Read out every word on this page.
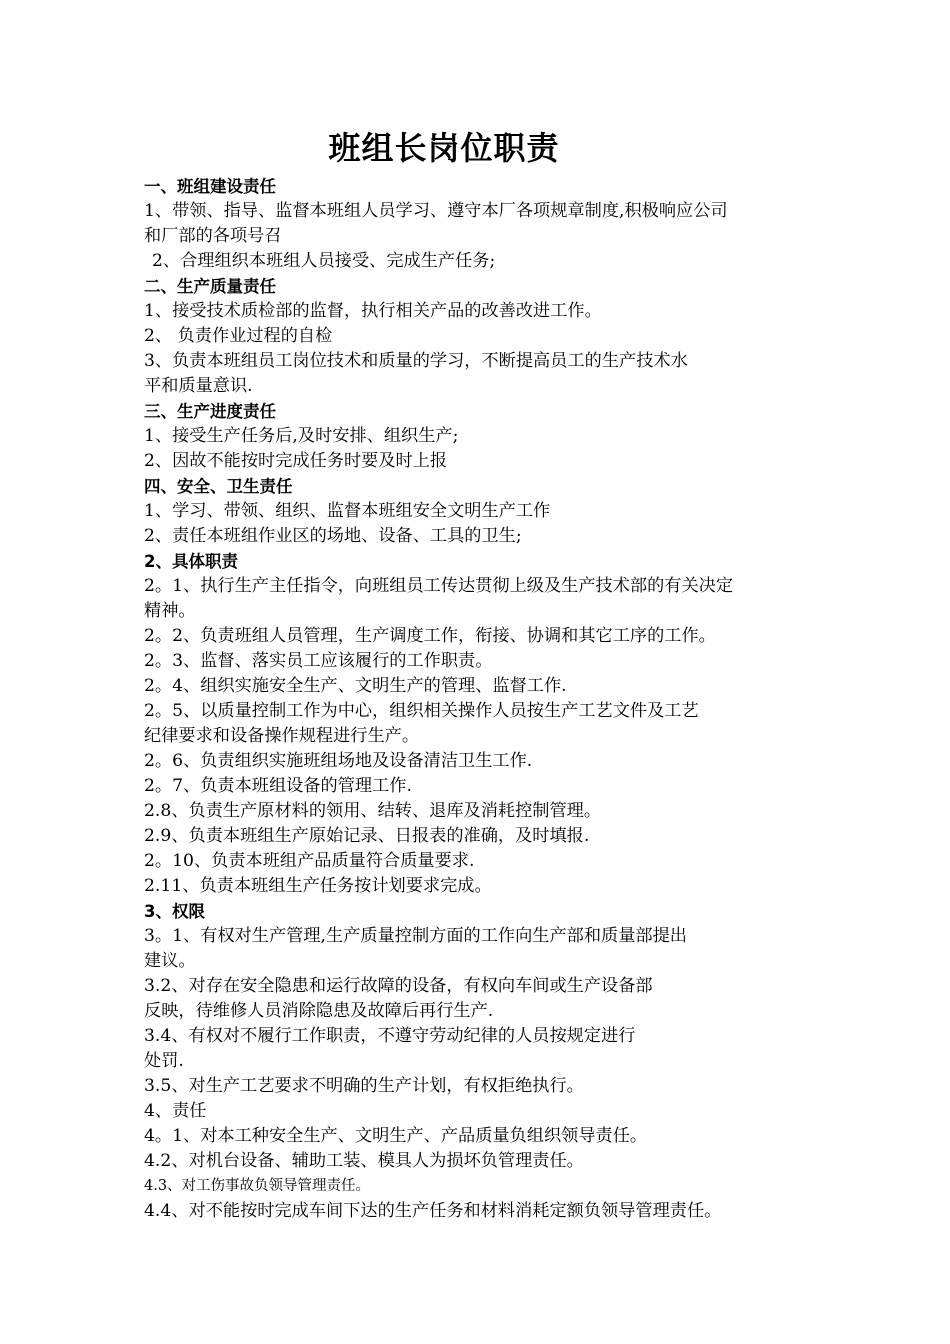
班组长岗位职责
一、班组建设责任
1、带领、指导、监督本班组人员学习、遵守本厂各项规章制度,积极响应公司
和厂部的各项号召
2、合理组织本班组人员接受、完成生产任务;
二、生产质量责任
1、接受技术质检部的监督，执行相关产品的改善改进工作。
2、 负责作业过程的自检
3、负责本班组员工岗位技术和质量的学习，不断提高员工的生产技术水
平和质量意识.
三、生产进度责任
1、接受生产任务后,及时安排、组织生产;
2、因故不能按时完成任务时要及时上报
四、安全、卫生责任
1、学习、带领、组织、监督本班组安全文明生产工作
2、责任本班组作业区的场地、设备、工具的卫生;
2、具体职责
2。1、执行生产主任指令，向班组员工传达贯彻上级及生产技术部的有关决定
精神。
2。2、负责班组人员管理，生产调度工作，衔接、协调和其它工序的工作。
2。3、监督、落实员工应该履行的工作职责。
2。4、组织实施安全生产、文明生产的管理、监督工作.
2。5、以质量控制工作为中心，组织相关操作人员按生产工艺文件及工艺
纪律要求和设备操作规程进行生产。
2。6、负责组织实施班组场地及设备清洁卫生工作.
2。7、负责本班组设备的管理工作.
2.8、负责生产原材料的领用、结转、退库及消耗控制管理。
2.9、负责本班组生产原始记录、日报表的准确，及时填报.
2。10、负责本班组产品质量符合质量要求.
2.11、负责本班组生产任务按计划要求完成。
3、权限
3。1、有权对生产管理,生产质量控制方面的工作向生产部和质量部提出
建议。
3.2、对存在安全隐患和运行故障的设备，有权向车间或生产设备部
反映，待维修人员消除隐患及故障后再行生产.
3.4、有权对不履行工作职责，不遵守劳动纪律的人员按规定进行
处罚.
3.5、对生产工艺要求不明确的生产计划，有权拒绝执行。
4、责任
4。1、对本工种安全生产、文明生产、产品质量负组织领导责任。
4.2、对机台设备、辅助工装、模具人为损坏负管理责任。
4.3、对工伤事故负领导管理责任。
4.4、对不能按时完成车间下达的生产任务和材料消耗定额负领导管理责任。
